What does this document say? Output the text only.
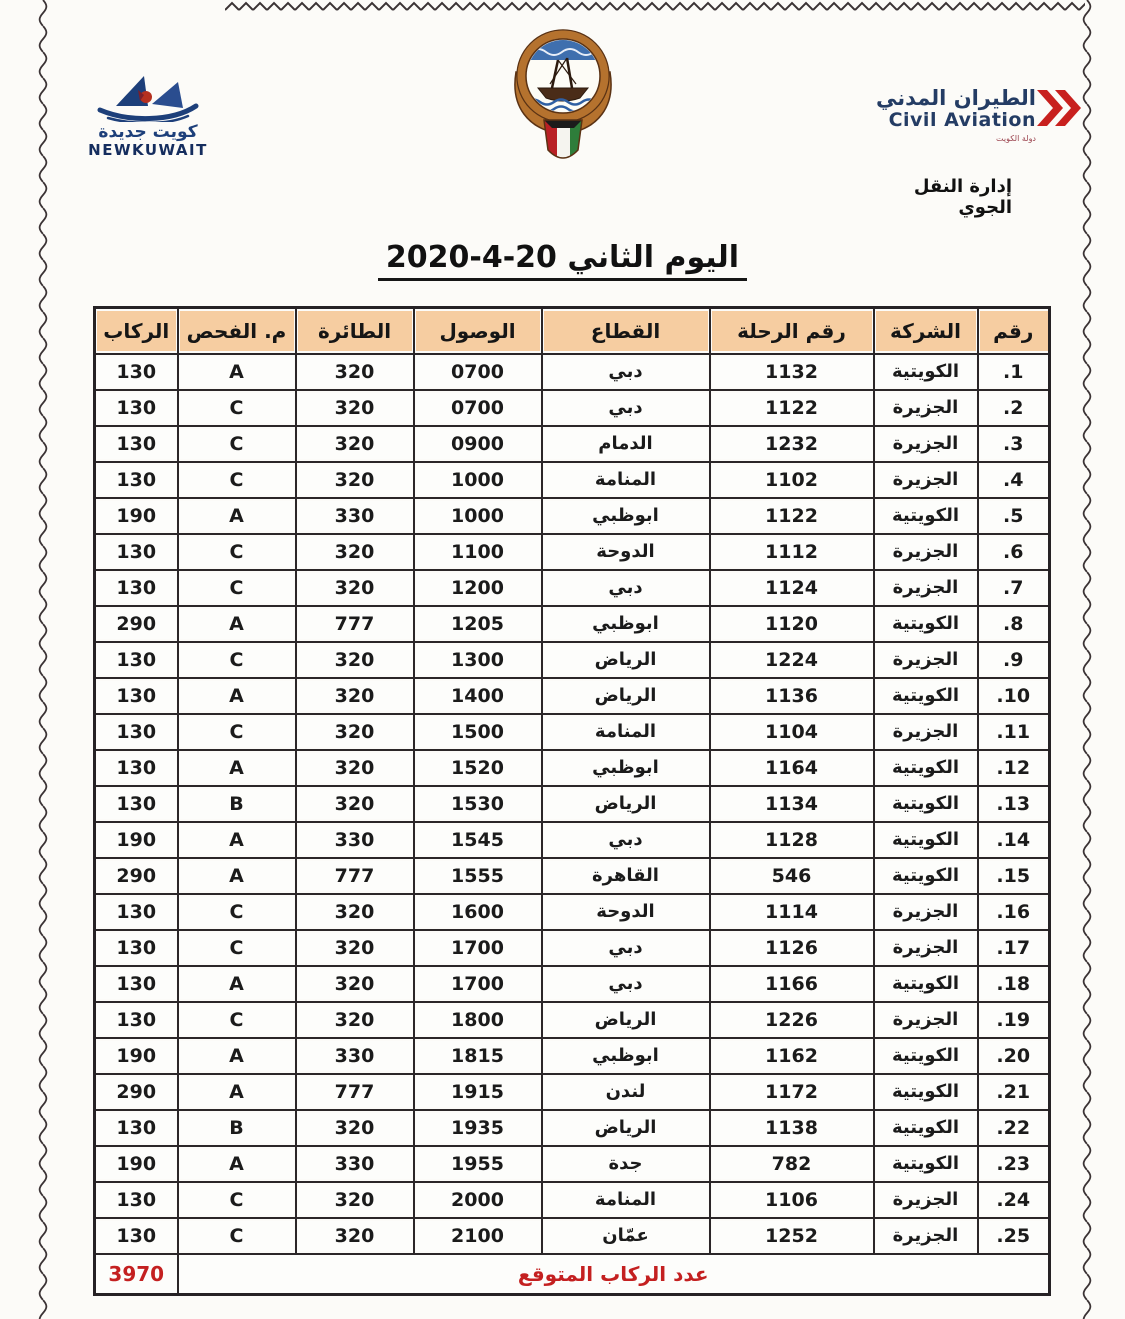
كويت جديدة
NEWKUWAIT
الطيران المدني
Civil Aviation
دولة الكويت
إدارة النقل الجوي
اليوم الثاني 2020-4-20
رقم	الشركة	رقم الرحلة	القطاع	الوصول	الطائرة	م. الفحص	الركاب
1.	الكويتية	1132	دبي	0700	320	A	130
2.	الجزيرة	1122	دبي	0700	320	C	130
3.	الجزيرة	1232	الدمام	0900	320	C	130
4.	الجزيرة	1102	المنامة	1000	320	C	130
5.	الكويتية	1122	ابوظبي	1000	330	A	190
6.	الجزيرة	1112	الدوحة	1100	320	C	130
7.	الجزيرة	1124	دبي	1200	320	C	130
8.	الكويتية	1120	ابوظبي	1205	777	A	290
9.	الجزيرة	1224	الرياض	1300	320	C	130
10.	الكويتية	1136	الرياض	1400	320	A	130
11.	الجزيرة	1104	المنامة	1500	320	C	130
12.	الكويتية	1164	ابوظبي	1520	320	A	130
13.	الكويتية	1134	الرياض	1530	320	B	130
14.	الكويتية	1128	دبي	1545	330	A	190
15.	الكويتية	546	القاهرة	1555	777	A	290
16.	الجزيرة	1114	الدوحة	1600	320	C	130
17.	الجزيرة	1126	دبي	1700	320	C	130
18.	الكويتية	1166	دبي	1700	320	A	130
19.	الجزيرة	1226	الرياض	1800	320	C	130
20.	الكويتية	1162	ابوظبي	1815	330	A	190
21.	الكويتية	1172	لندن	1915	777	A	290
22.	الكويتية	1138	الرياض	1935	320	B	130
23.	الكويتية	782	جدة	1955	330	A	190
24.	الجزيرة	1106	المنامة	2000	320	C	130
25.	الجزيرة	1252	عمّان	2100	320	C	130
عدد الركاب المتوقع							3970
